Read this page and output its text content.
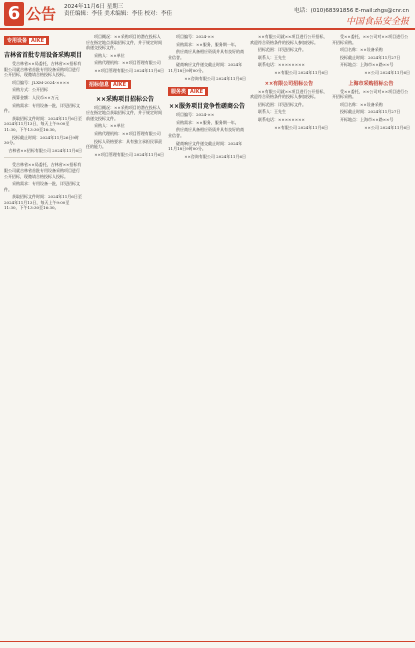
6 公告 2024年11月6日 星期三
责任编辑：李佳 美术编辑：李佳 校对：李佳	电话：(010)68391856 E-mail:zhgs@cnr.cn
中国食品安全报
专用设备 AIKE
吉林省首批专用设备采购项目

受吉林省××局委托，吉林省××招标有限公司就吉林省首批专用设备采购项目进行公开招标，现邀请合格投标人投标。

项目编号：JLXM-2024-××××

采购方式：公开招标

预算金额：人民币××万元

采购需求：专用设备一批，详见招标文件。

获取招标文件时间：2024年11月6日至2024年11月13日，每天上午9:00至11:30，下午13:30至16:30。

投标截止时间：2024年11月26日9时30分。

吉林省××招标有限公司 2024年11月6日

受吉林省××局委托，吉林省××招标有限公司就吉林省首批专用设备采购项目进行公开招标，现邀请合格投标人投标。

采购需求：专用设备一批，详见招标文件。

获取招标文件时间：2024年11月6日至2024年11月13日，每天上午9:00至11:30，下午13:30至16:30。

项目概况：××采购项目的潜在投标人应在指定地点获取招标文件，并于规定时间前递交投标文件。

采购人：××单位

采购代理机构：××项目管理有限公司

××项目管理有限公司 2024年11月6日
招标信息 AIKE
××采购项目招标公告

项目概况：××采购项目的潜在投标人应在指定地点获取招标文件，并于规定时间前递交投标文件。

采购人：××单位

采购代理机构：××项目管理有限公司

投标人资格要求：具有独立承担民事责任的能力。

××项目管理有限公司 2024年11月6日

项目编号：2024-××

采购需求：××服务，服务期一年。

供应商应具备相应资质并具有良好的商业信誉。

磋商响应文件递交截止时间：2024年11月18日9时00分。

××咨询有限公司 2024年11月6日
服务类 AIKE
××服务项目竞争性磋商公告

项目编号：2024-××

采购需求：××服务，服务期一年。

供应商应具备相应资质并具有良好的商业信誉。

磋商响应文件递交截止时间：2024年11月18日9时00分。

××咨询有限公司 2024年11月6日

××有限公司就××项目进行公开招标，欢迎符合资格条件的投标人参加投标。

招标范围：详见招标文件。

联系人：王先生

联系电话：××××××××

××有限公司 2024年11月6日
××有限公司招标公告

××有限公司就××项目进行公开招标，欢迎符合资格条件的投标人参加投标。

招标范围：详见招标文件。

联系人：王先生

联系电话：××××××××

××有限公司 2024年11月6日

受××委托，××公司对××项目进行公开招标采购。

项目名称：××设备采购

投标截止时间：2024年11月27日

开标地点：上海市××路××号

××公司 2024年11月6日
上海市采购招标公告

受××委托，××公司对××项目进行公开招标采购。

项目名称：××设备采购

投标截止时间：2024年11月27日

开标地点：上海市××路××号

××公司 2024年11月6日
